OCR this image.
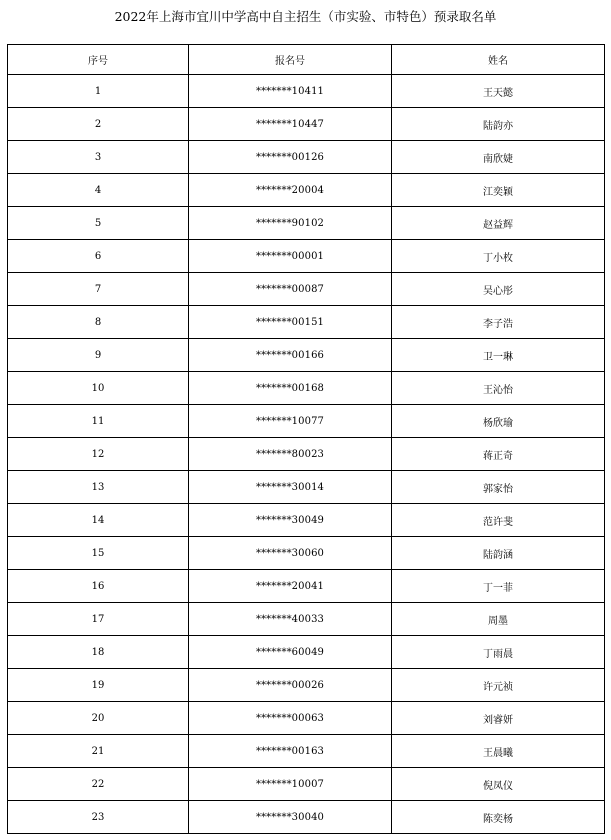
2022年上海市宜川中学高中自主招生（市实验、市特色）预录取名单
序号	报名号	姓名
1	*******10411	王天懿
2	*******10447	陆韵亦
3	*******00126	南欣婕
4	*******20004	江奕颖
5	*******90102	赵益辉
6	*******00001	丁小枚
7	*******00087	吴心彤
8	*******00151	李子浩
9	*******00166	卫一琳
10	*******00168	王沁怡
11	*******10077	杨欣瑜
12	*******80023	蒋正奇
13	*******30014	郭家怡
14	*******30049	范许斐
15	*******30060	陆韵涵
16	*******20041	丁一菲
17	*******40033	周墨
18	*******60049	丁雨晨
19	*******00026	许元祯
20	*******00063	刘睿妍
21	*******00163	王晨曦
22	*******10007	倪凤仪
23	*******30040	陈奕杨
